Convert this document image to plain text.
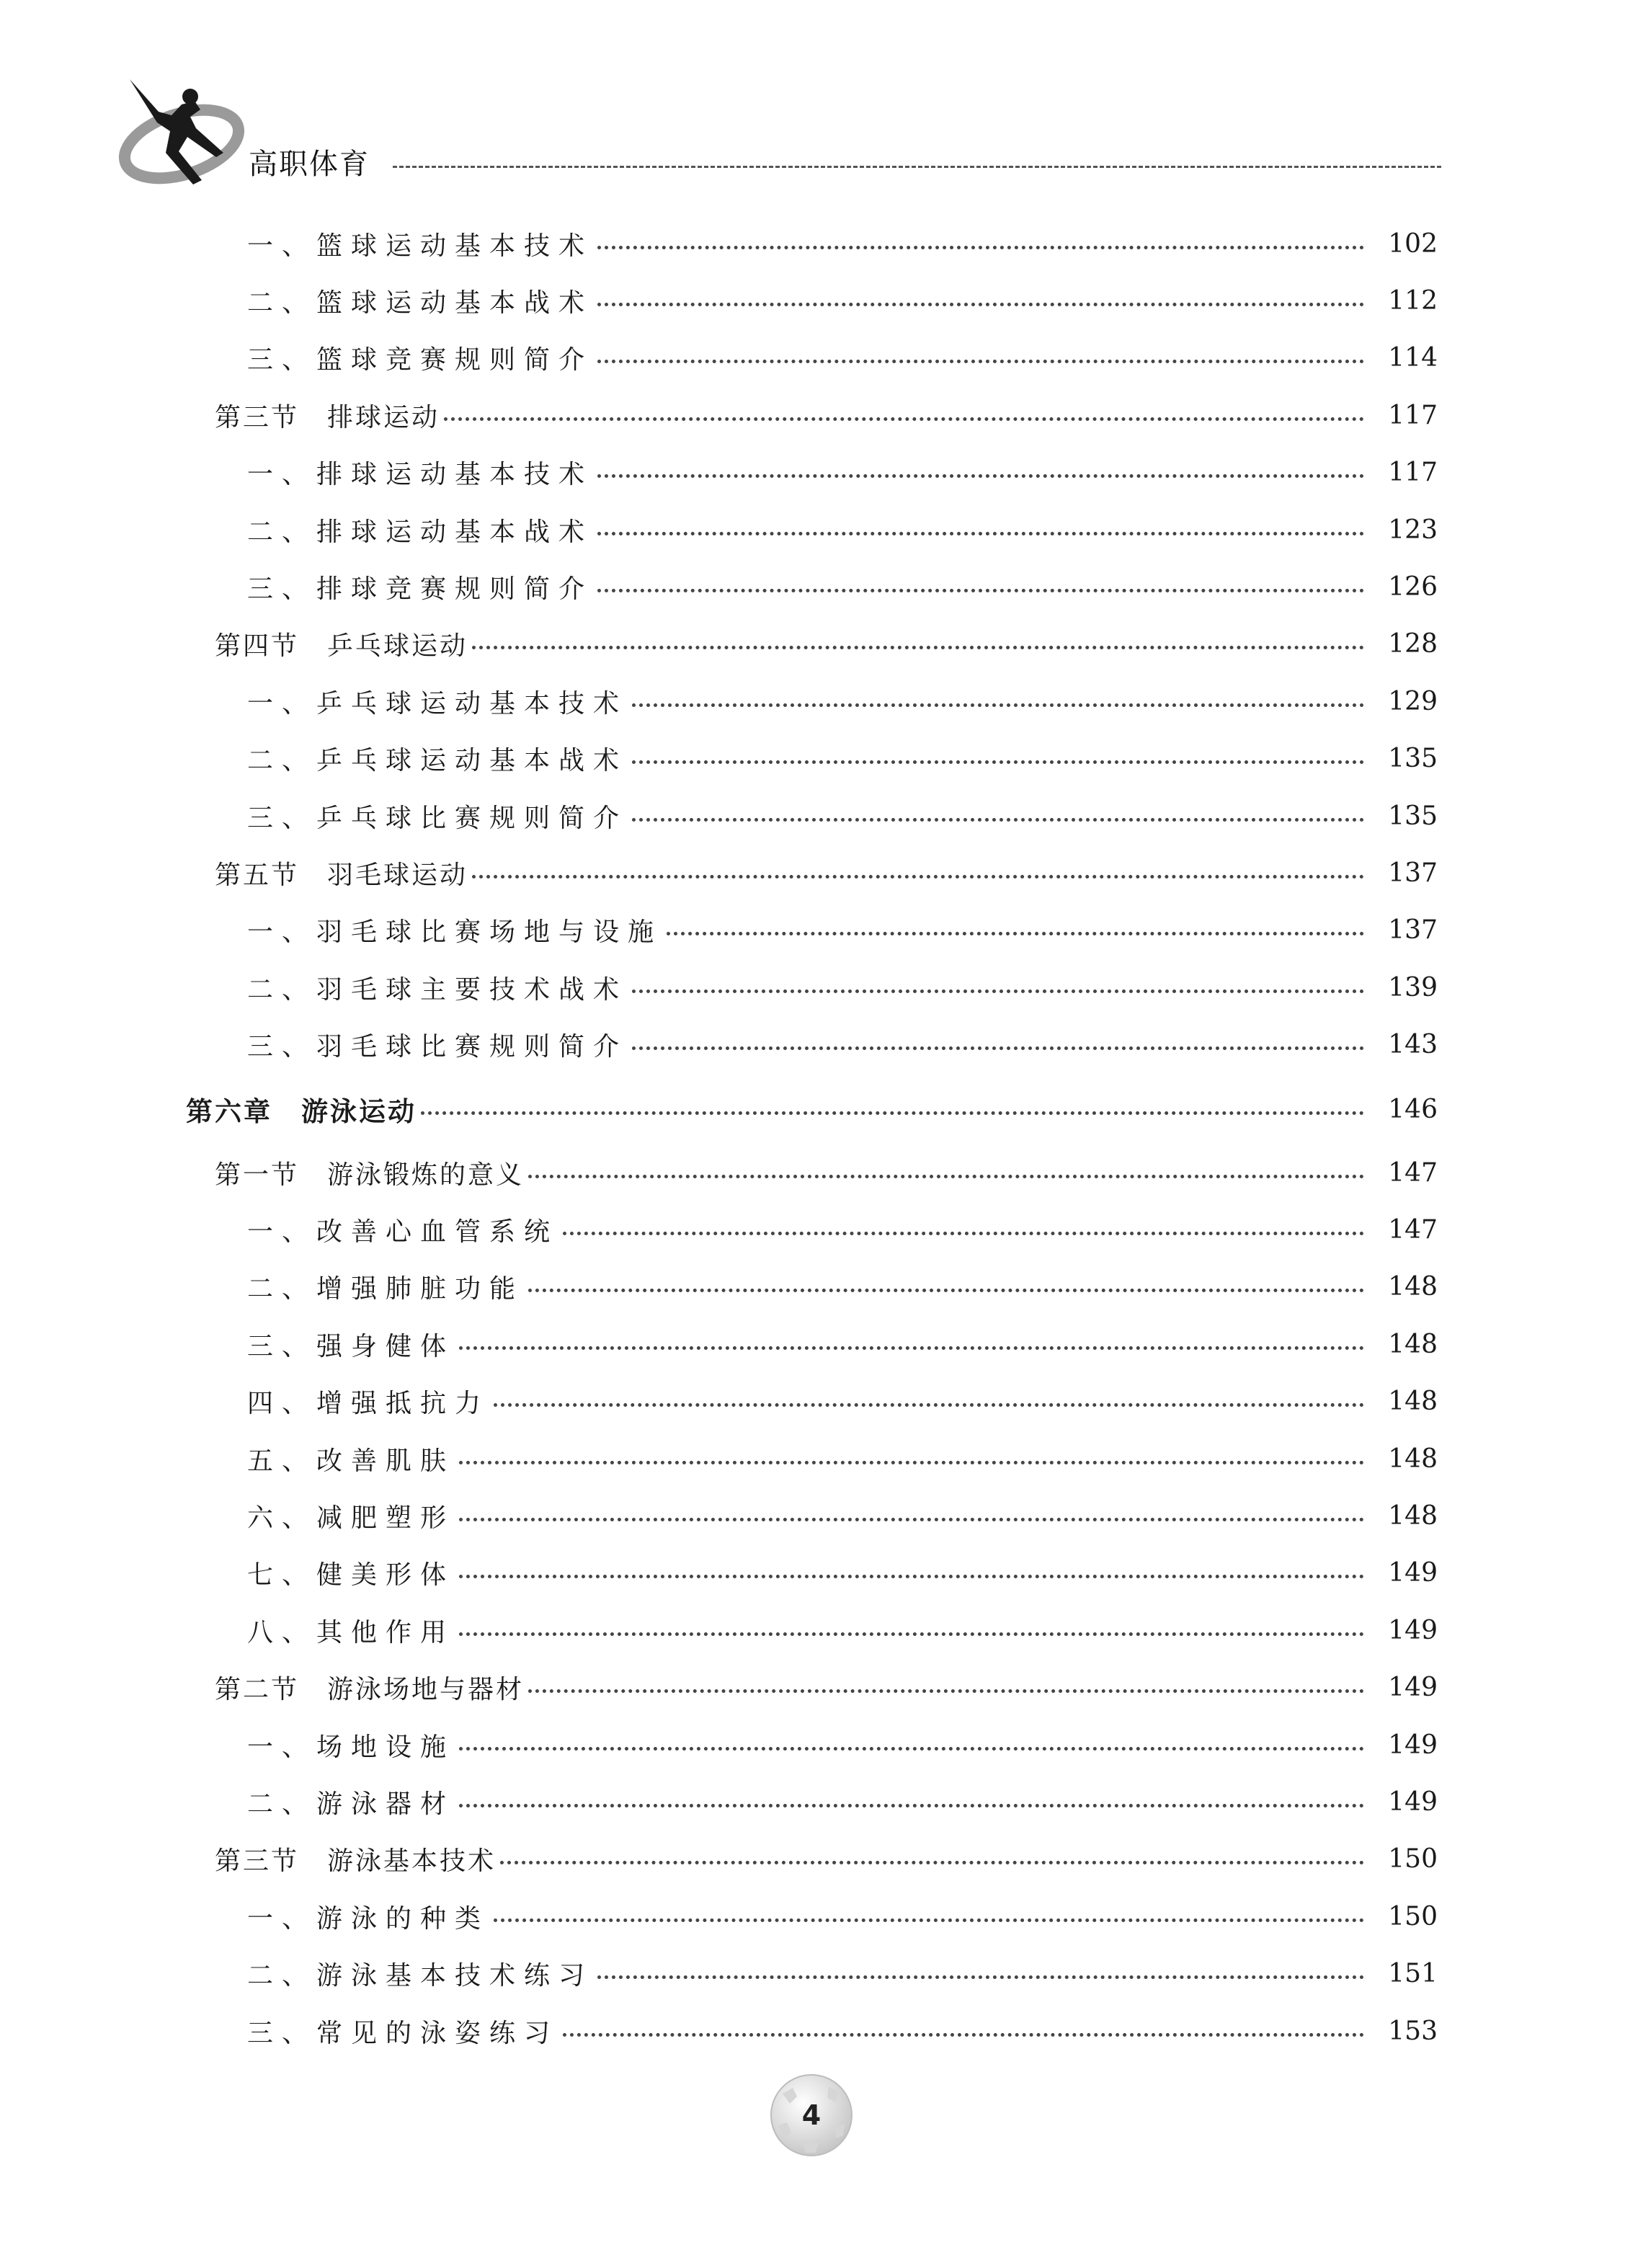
高职体育
一、篮球运动基本技术	102
二、篮球运动基本战术	112
三、篮球竞赛规则简介	114
第三节　排球运动	117
一、排球运动基本技术	117
二、排球运动基本战术	123
三、排球竞赛规则简介	126
第四节　乒乓球运动	128
一、乒乓球运动基本技术	129
二、乒乓球运动基本战术	135
三、乒乓球比赛规则简介	135
第五节　羽毛球运动	137
一、羽毛球比赛场地与设施	137
二、羽毛球主要技术战术	139
三、羽毛球比赛规则简介	143
第六章　游泳运动	146
第一节　游泳锻炼的意义	147
一、改善心血管系统	147
二、增强肺脏功能	148
三、强身健体	148
四、增强抵抗力	148
五、改善肌肤	148
六、减肥塑形	148
七、健美形体	149
八、其他作用	149
第二节　游泳场地与器材	149
一、场地设施	149
二、游泳器材	149
第三节　游泳基本技术	150
一、游泳的种类	150
二、游泳基本技术练习	151
三、常见的泳姿练习	153
4
